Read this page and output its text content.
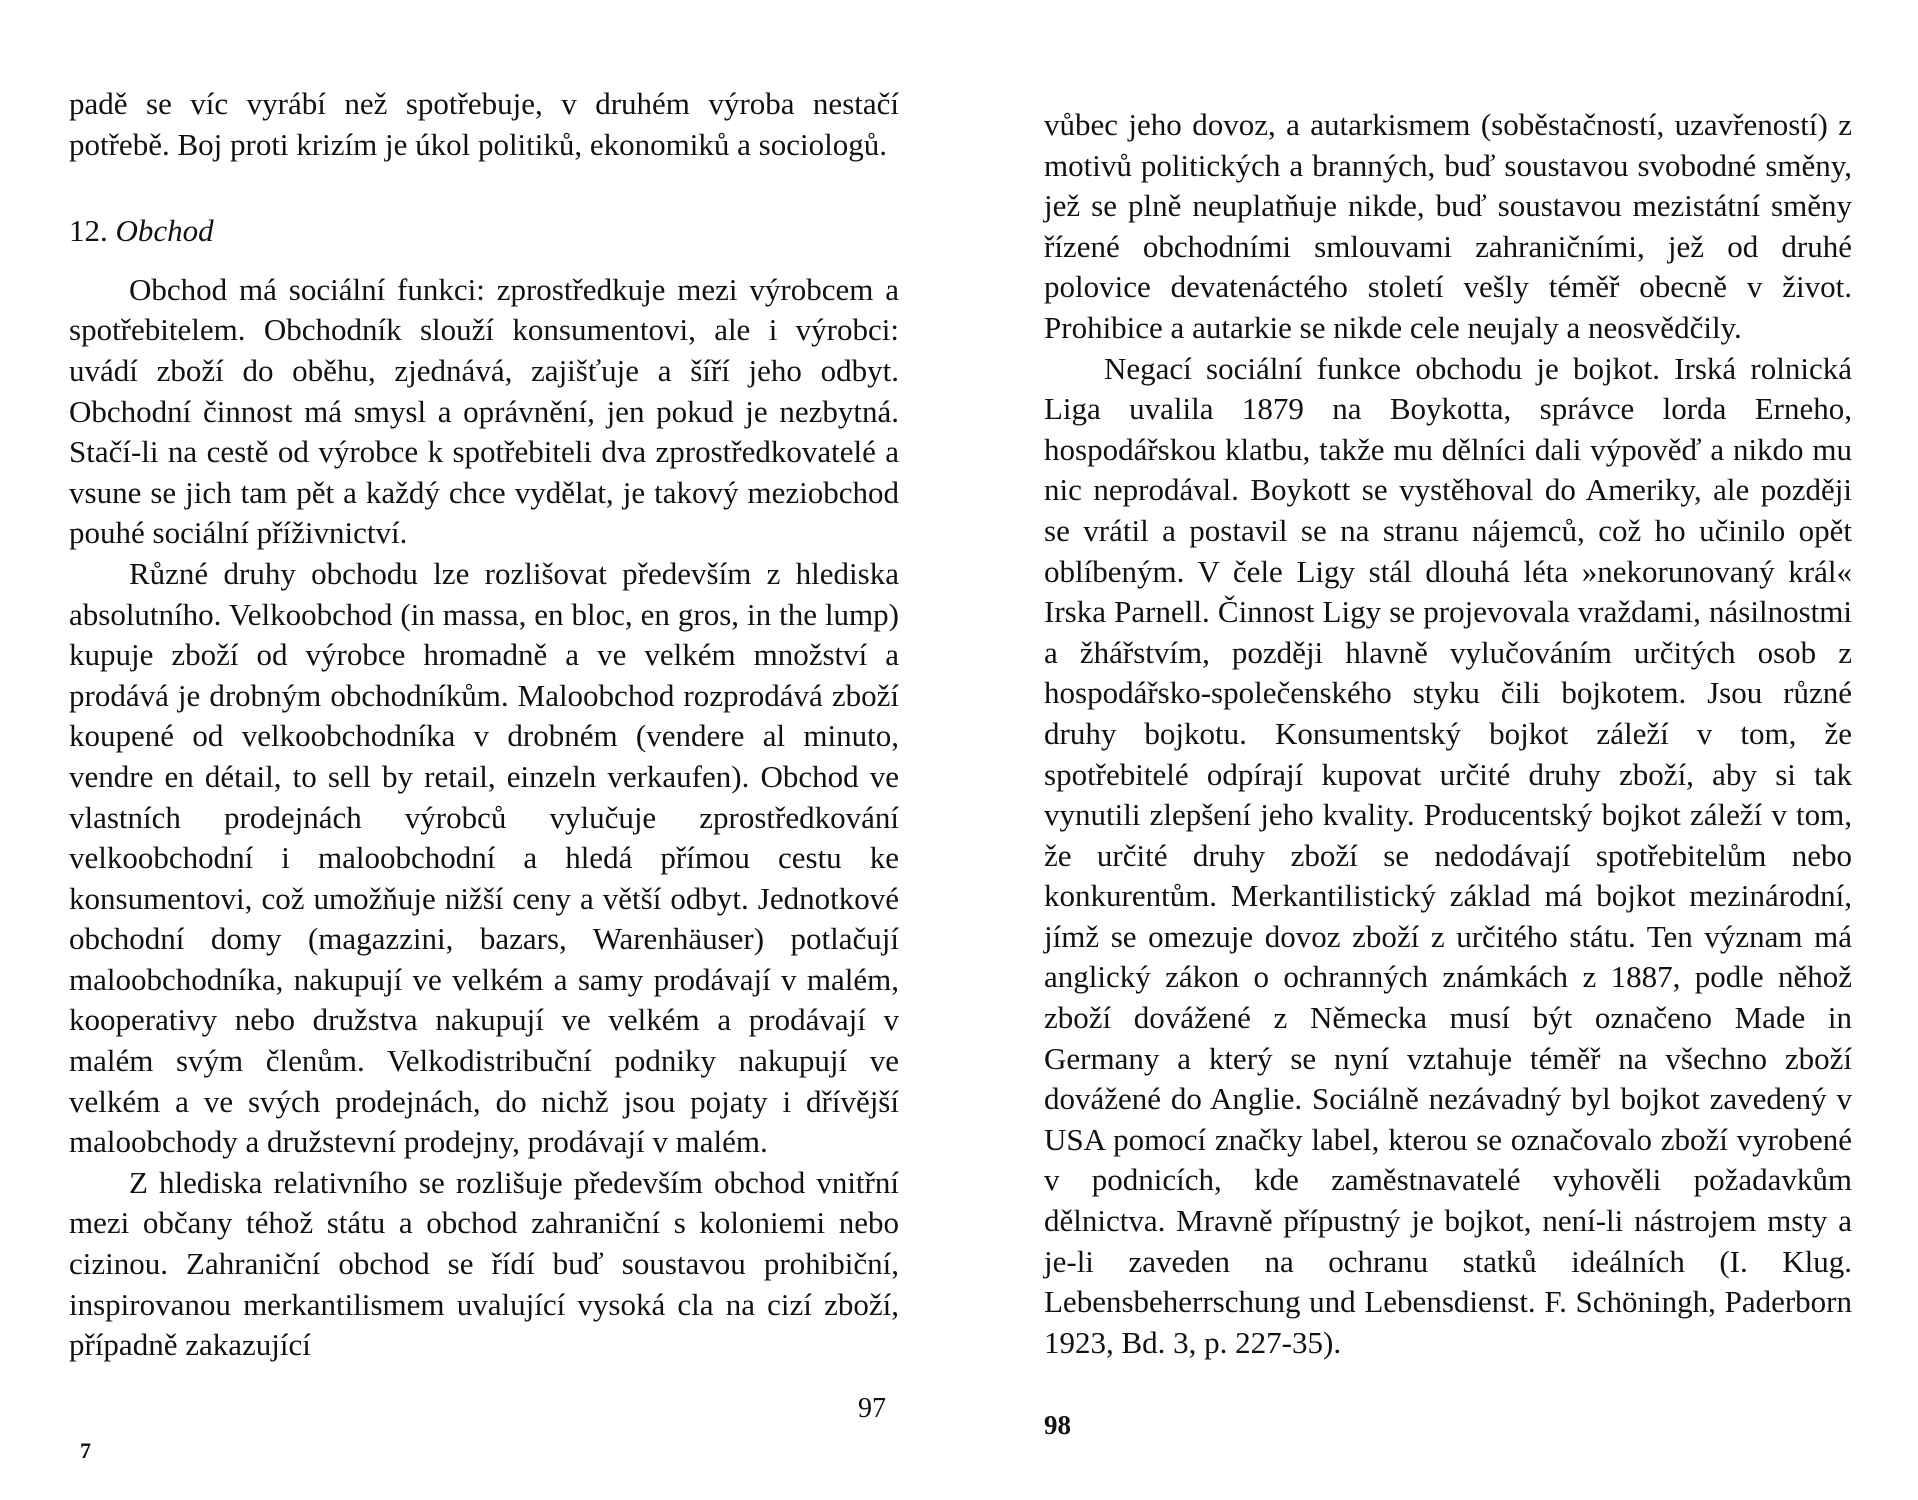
padě se víc vyrábí než spotřebuje, v druhém výroba nestačí potřebě. Boj proti krizím je úkol politiků, ekonomiků a sociologů.

12. Obchod

Obchod má sociální funkci: zprostředkuje mezi výrobcem a spotřebitelem. Obchodník slouží konsumentovi, ale i výrobci: uvádí zboží do oběhu, zjednává, zajišťuje a šíří jeho odbyt. Obchodní činnost má smysl a oprávnění, jen pokud je nezbytná. Stačí-li na cestě od výrobce k spotřebiteli dva zprostředkovatelé a vsune se jich tam pět a každý chce vydělat, je takový meziobchod pouhé sociální příživnictví.

Různé druhy obchodu lze rozlišovat především z hlediska absolutního. Velkoobchod (in massa, en bloc, en gros, in the lump) kupuje zboží od výrobce hromadně a ve velkém množství a prodává je drobným obchodníkům. Maloobchod rozprodává zboží koupené od velkoobchodníka v drobném (vendere al minuto, vendre en détail, to sell by retail, einzeln verkaufen). Obchod ve vlastních prodejnách výrobců vylučuje zprostředkování velkoobchodní i maloobchodní a hledá přímou cestu ke konsumentovi, což umožňuje nižší ceny a větší odbyt. Jednotkové obchodní domy (magazzini, bazars, Warenhäuser) potlačují maloobchodníka, nakupují ve velkém a samy prodávají v malém, kooperativy nebo družstva nakupují ve velkém a prodávají v malém svým členům. Velkodistribuční podniky nakupují ve velkém a ve svých prodejnách, do nichž jsou pojaty i dřívější maloobchody a družstevní prodejny, prodávají v malém.

Z hlediska relativního se rozlišuje především obchod vnitřní mezi občany téhož státu a obchod zahraniční s koloniemi nebo cizinou. Zahraniční obchod se řídí buď soustavou prohibiční, inspirovanou merkantilismem uvalující vysoká cla na cizí zboží, případně zakazující

97
7

vůbec jeho dovoz, a autarkismem (soběstačností, uzavřeností) z motivů politických a branných, buď soustavou svobodné směny, jež se plně neuplatňuje nikde, buď soustavou mezistátní směny řízené obchodními smlouvami zahraničními, jež od druhé polovice devatenáctého století vešly téměř obecně v život. Prohibice a autarkie se nikde cele neujaly a neosvědčily.

Negací sociální funkce obchodu je bojkot. Irská rolnická Liga uvalila 1879 na Boykotta, správce lorda Erneho, hospodářskou klatbu, takže mu dělníci dali výpověď a nikdo mu nic neprodával. Boykott se vystěhoval do Ameriky, ale později se vrátil a postavil se na stranu nájemců, což ho učinilo opět oblíbeným. V čele Ligy stál dlouhá léta »nekorunovaný král« Irska Parnell. Činnost Ligy se projevovala vraždami, násilnostmi a žhářstvím, později hlavně vylučováním určitých osob z hospodářsko-společenského styku čili bojkotem. Jsou různé druhy bojkotu. Konsumentský bojkot záleží v tom, že spotřebitelé odpírají kupovat určité druhy zboží, aby si tak vynutili zlepšení jeho kvality. Producentský bojkot záleží v tom, že určité druhy zboží se nedodávají spotřebitelům nebo konkurentům. Merkantilistický základ má bojkot mezinárodní, jímž se omezuje dovoz zboží z určitého státu. Ten význam má anglický zákon o ochranných známkách z 1887, podle něhož zboží dovážené z Německa musí být označeno Made in Germany a který se nyní vztahuje téměř na všechno zboží dovážené do Anglie. Sociálně nezávadný byl bojkot zavedený v USA pomocí značky label, kterou se označovalo zboží vyrobené v podnicích, kde zaměstnavatelé vyhověli požadavkům dělnictva. Mravně přípustný je bojkot, není-li nástrojem msty a je-li zaveden na ochranu statků ideálních (I. Klug. Lebensbeherrschung und Lebensdienst. F. Schöningh, Paderborn 1923, Bd. 3, p. 227-35).

98
